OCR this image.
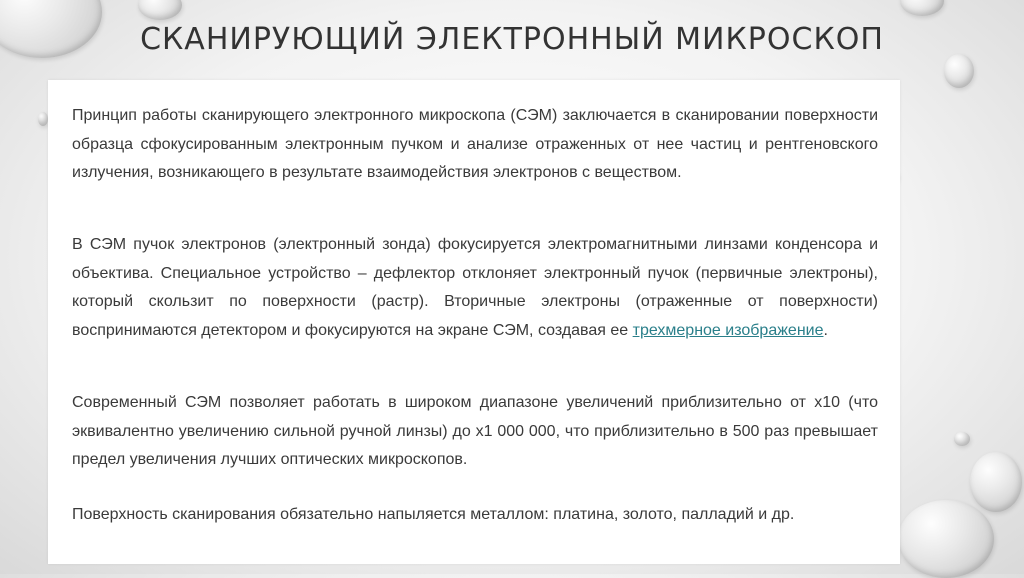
СКАНИРУЮЩИЙ ЭЛЕКТРОННЫЙ МИКРОСКОП

Принцип работы сканирующего электронного микроскопа (СЭМ) заключается в сканировании поверхности образца сфокусированным электронным пучком и анализе отраженных от нее частиц и рентгеновского излучения, возникающего в результате взаимодействия электронов с веществом.

В СЭМ пучок электронов (электронный зонда) фокусируется электромагнитными линзами конденсора и объектива. Специальное устройство – дефлектор отклоняет электронный пучок (первичные электроны), который скользит по поверхности (растр). Вторичные электроны (отраженные от поверхности) воспринимаются детектором и фокусируются на экране СЭМ, создавая ее трехмерное изображение.

Современный СЭМ позволяет работать в широком диапазоне увеличений приблизительно от x10 (что эквивалентно увеличению сильной ручной линзы) до x1 000 000, что приблизительно в 500 раз превышает предел увеличения лучших оптических микроскопов.

Поверхность сканирования обязательно напыляется металлом: платина, золото, палладий и др.
